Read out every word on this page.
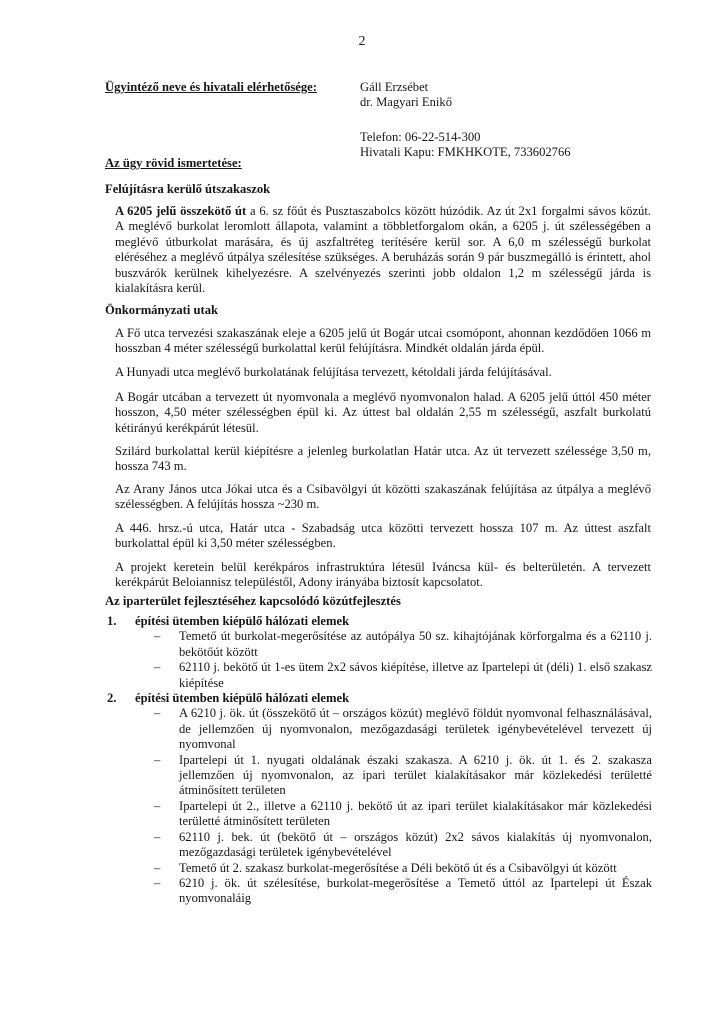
2
Ügyintéző neve és hivatali elérhetősége:	Gáll Erzsébet
dr. Magyari Enikő
Telefon: 06-22-514-300
Hivatali Kapu: FMKHKOTE, 733602766
Az ügy rövid ismertetése:
Felújításra kerülő útszakaszok
A 6205 jelű összekötő út a 6. sz főút és Pusztaszabolcs között húzódik. Az út 2x1 forgalmi sávos közút. A meglévő burkolat leromlott állapota, valamint a többletforgalom okán, a 6205 j. út szélességében a meglévő útburkolat marására, és új aszfaltréteg terítésére kerül sor. A 6,0 m szélességű burkolat eléréséhez a meglévő útpálya szélesítése szükséges. A beruházás során 9 pár buszmegálló is érintett, ahol buszvárók kerülnek kihelyezésre. A szelvényezés szerinti jobb oldalon 1,2 m szélességű járda is kialakításra kerül.
Önkormányzati utak
A Fő utca tervezési szakaszának eleje a 6205 jelű út Bogár utcai csomópont, ahonnan kezdődően 1066 m hosszban 4 méter szélességű burkolattal kerül felújításra. Mindkét oldalán járda épül.
A Hunyadi utca meglévő burkolatának felújítása tervezett, kétoldali járda felújításával.
A Bogár utcában a tervezett út nyomvonala a meglévő nyomvonalon halad. A 6205 jelű úttól 450 méter hosszon, 4,50 méter szélességben épül ki. Az úttest bal oldalán 2,55 m szélességű, aszfalt burkolatú kétirányú kerékpárút létesül.
Szilárd burkolattal kerül kiépítésre a jelenleg burkolatlan Határ utca. Az út tervezett szélessége 3,50 m, hossza 743 m.
Az Arany János utca Jókai utca és a Csibavölgyi út közötti szakaszának felújítása az útpálya a meglévő szélességben. A felújítás hossza ~230 m.
A 446. hrsz.-ú utca, Határ utca - Szabadság utca közötti tervezett hossza 107 m. Az úttest aszfalt burkolattal épül ki 3,50 méter szélességben.
A projekt keretein belül kerékpáros infrastruktúra létesül Iváncsa kül- és belterületén. A tervezett kerékpárút Beloiannisz településtől, Adony irányába biztosít kapcsolatot.
Az iparterület fejlesztéséhez kapcsolódó közútfejlesztés
1. építési ütemben kiépülő hálózati elemek
– Temető út burkolat-megerősítése az autópálya 50 sz. kihajtójának körforgalma és a 62110 j. bekötőút között
– 62110 j. bekötő út 1-es ütem 2x2 sávos kiépítése, illetve az Ipartelepi út (déli) 1. első szakasz kiépítése
2. építési ütemben kiépülő hálózati elemek
– A 6210 j. ök. út (összekötő út – országos közút) meglévő földút nyomvonal felhasználásával, de jellemzően új nyomvonalon, mezőgazdasági területek igénybevételével tervezett új nyomvonal
– Ipartelepi út 1. nyugati oldalának északi szakasza. A 6210 j. ök. út 1. és 2. szakasza jellemzően új nyomvonalon, az ipari terület kialakításakor már közlekedési területté átminősített területen
– Ipartelepi út 2., illetve a 62110 j. bekötő út az ipari terület kialakításakor már közlekedési területté átminősített területen
– 62110 j. bek. út (bekötő út – országos közút) 2x2 sávos kialakítás új nyomvonalon, mezőgazdasági területek igénybevételével
– Temető út 2. szakasz burkolat-megerősítése a Déli bekötő út és a Csibavölgyi út között
– 6210 j. ök. út szélesítése, burkolat-megerősítése a Temető úttól az Ipartelepi út Észak nyomvonaláig
